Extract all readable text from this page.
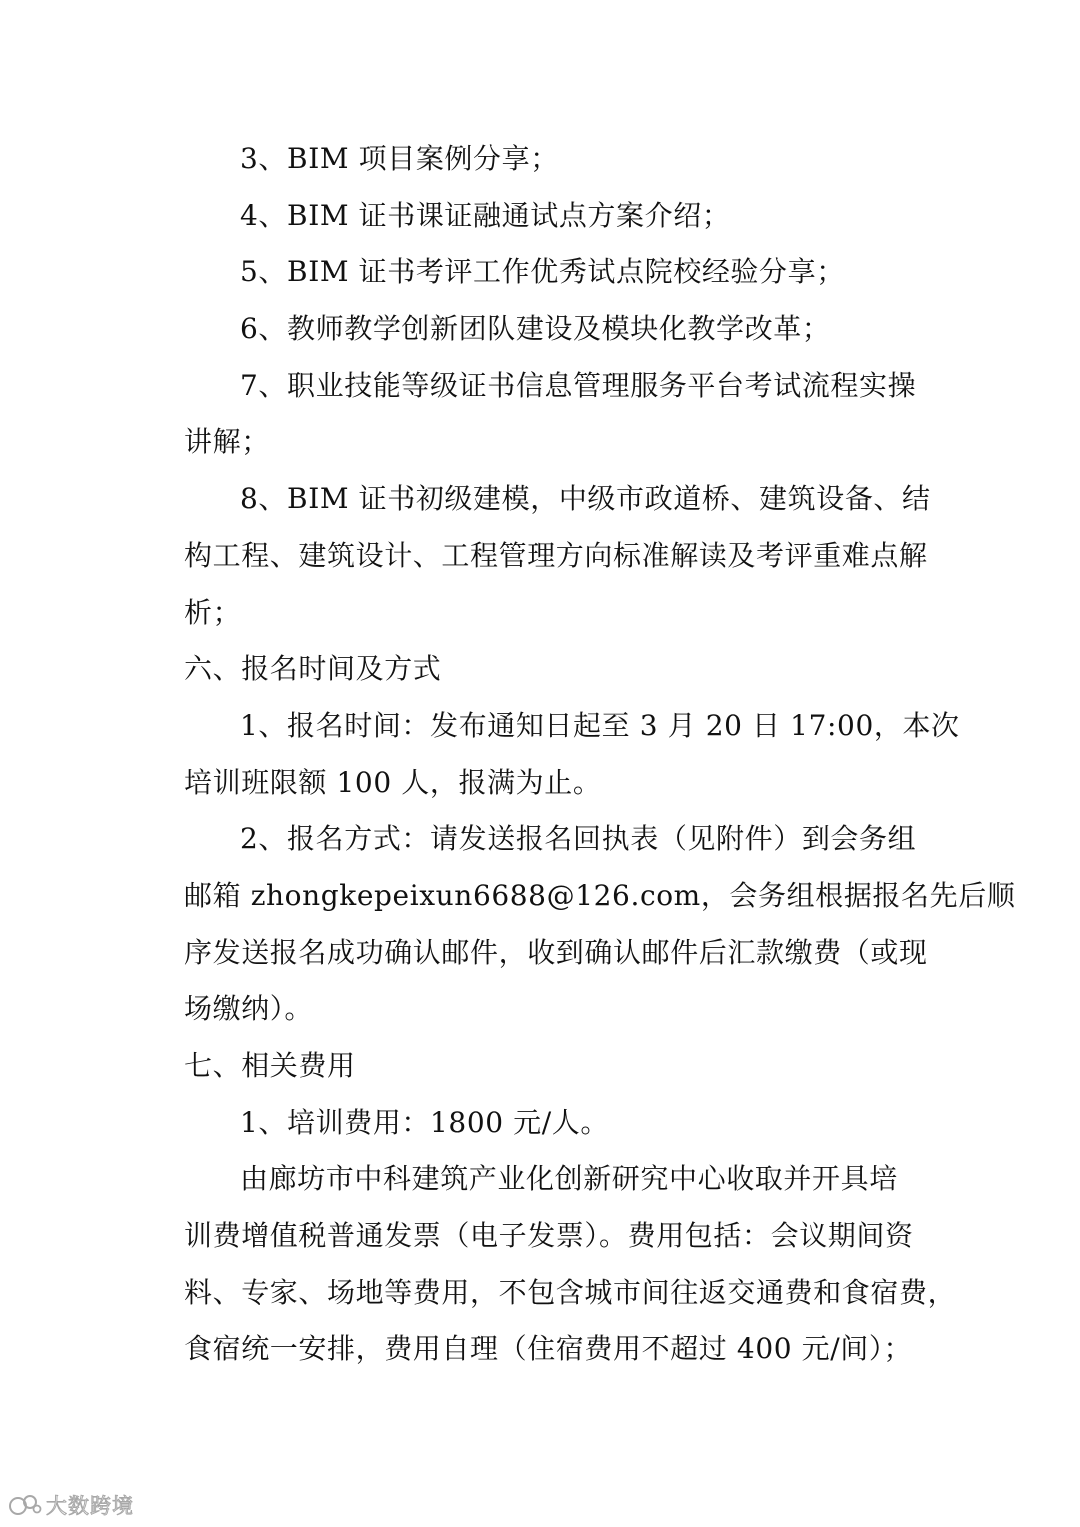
3、BIM 项目案例分享；
4、BIM 证书课证融通试点方案介绍；
5、BIM 证书考评工作优秀试点院校经验分享；
6、教师教学创新团队建设及模块化教学改革；
7、职业技能等级证书信息管理服务平台考试流程实操
讲解；
8、BIM 证书初级建模，中级市政道桥、建筑设备、结
构工程、建筑设计、工程管理方向标准解读及考评重难点解
析；
六、报名时间及方式
1、报名时间：发布通知日起至 3 月 20 日 17:00，本次
培训班限额 100 人，报满为止。
2、报名方式：请发送报名回执表（见附件）到会务组
邮箱 zhongkepeixun6688@126.com，会务组根据报名先后顺
序发送报名成功确认邮件，收到确认邮件后汇款缴费（或现
场缴纳）。
七、相关费用
1、培训费用：1800 元/人。
由廊坊市中科建筑产业化创新研究中心收取并开具培
训费增值税普通发票（电子发票）。费用包括：会议期间资
料、专家、场地等费用，不包含城市间往返交通费和食宿费，
食宿统一安排，费用自理（住宿费用不超过 400 元/间）；
大数跨境
